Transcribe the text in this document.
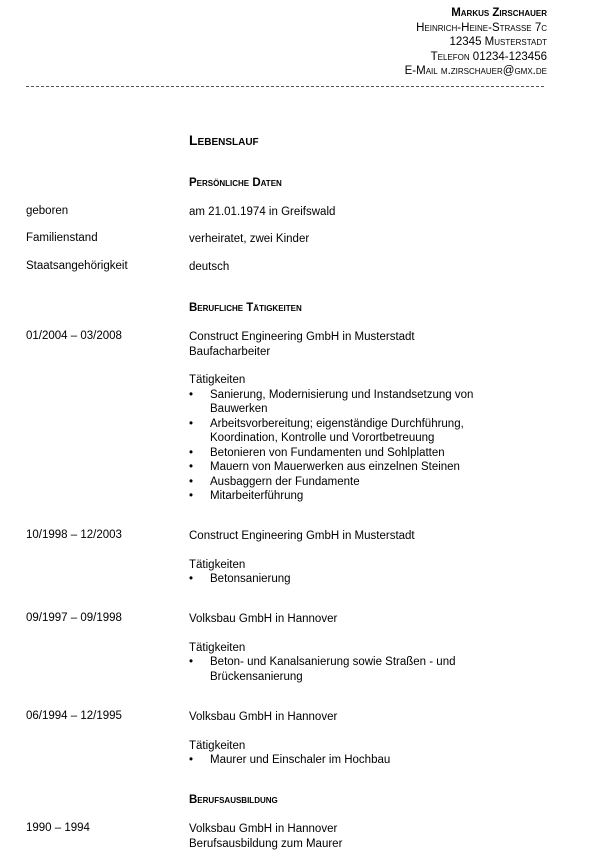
Markus Zirschauer
Heinrich-Heine-Straße 7c
12345 Musterstadt
Telefon 01234-123456
E-Mail m.zirschauer@gmx.de
Lebenslauf
Persönliche Daten
geboren	am 21.01.1974 in Greifswald
Familienstand	verheiratet, zwei Kinder
Staatsangehörigkeit	deutsch
Berufliche Tätigkeiten
01/2004 – 03/2008	Construct Engineering GmbH in Musterstadt
Baufacharbeiter
Tätigkeiten
• Sanierung, Modernisierung und Instandsetzung von Bauwerken
• Arbeitsvorbereitung; eigenständige Durchführung, Koordination, Kontrolle und Vorortbetreuung
• Betonieren von Fundamenten und Sohlplatten
• Mauern von Mauerwerken aus einzelnen Steinen
• Ausbaggern der Fundamente
• Mitarbeiterführung
10/1998 – 12/2003	Construct Engineering GmbH in Musterstadt
Tätigkeiten
• Betonsanierung
09/1997 – 09/1998	Volksbau GmbH in Hannover
Tätigkeiten
• Beton- und Kanalsanierung sowie Straßen - und Brückensanierung
06/1994 – 12/1995	Volksbau GmbH in Hannover
Tätigkeiten
• Maurer und Einschaler im Hochbau
Berufsausbildung
1990 – 1994	Volksbau GmbH in Hannover
Berufsausbildung zum Maurer
